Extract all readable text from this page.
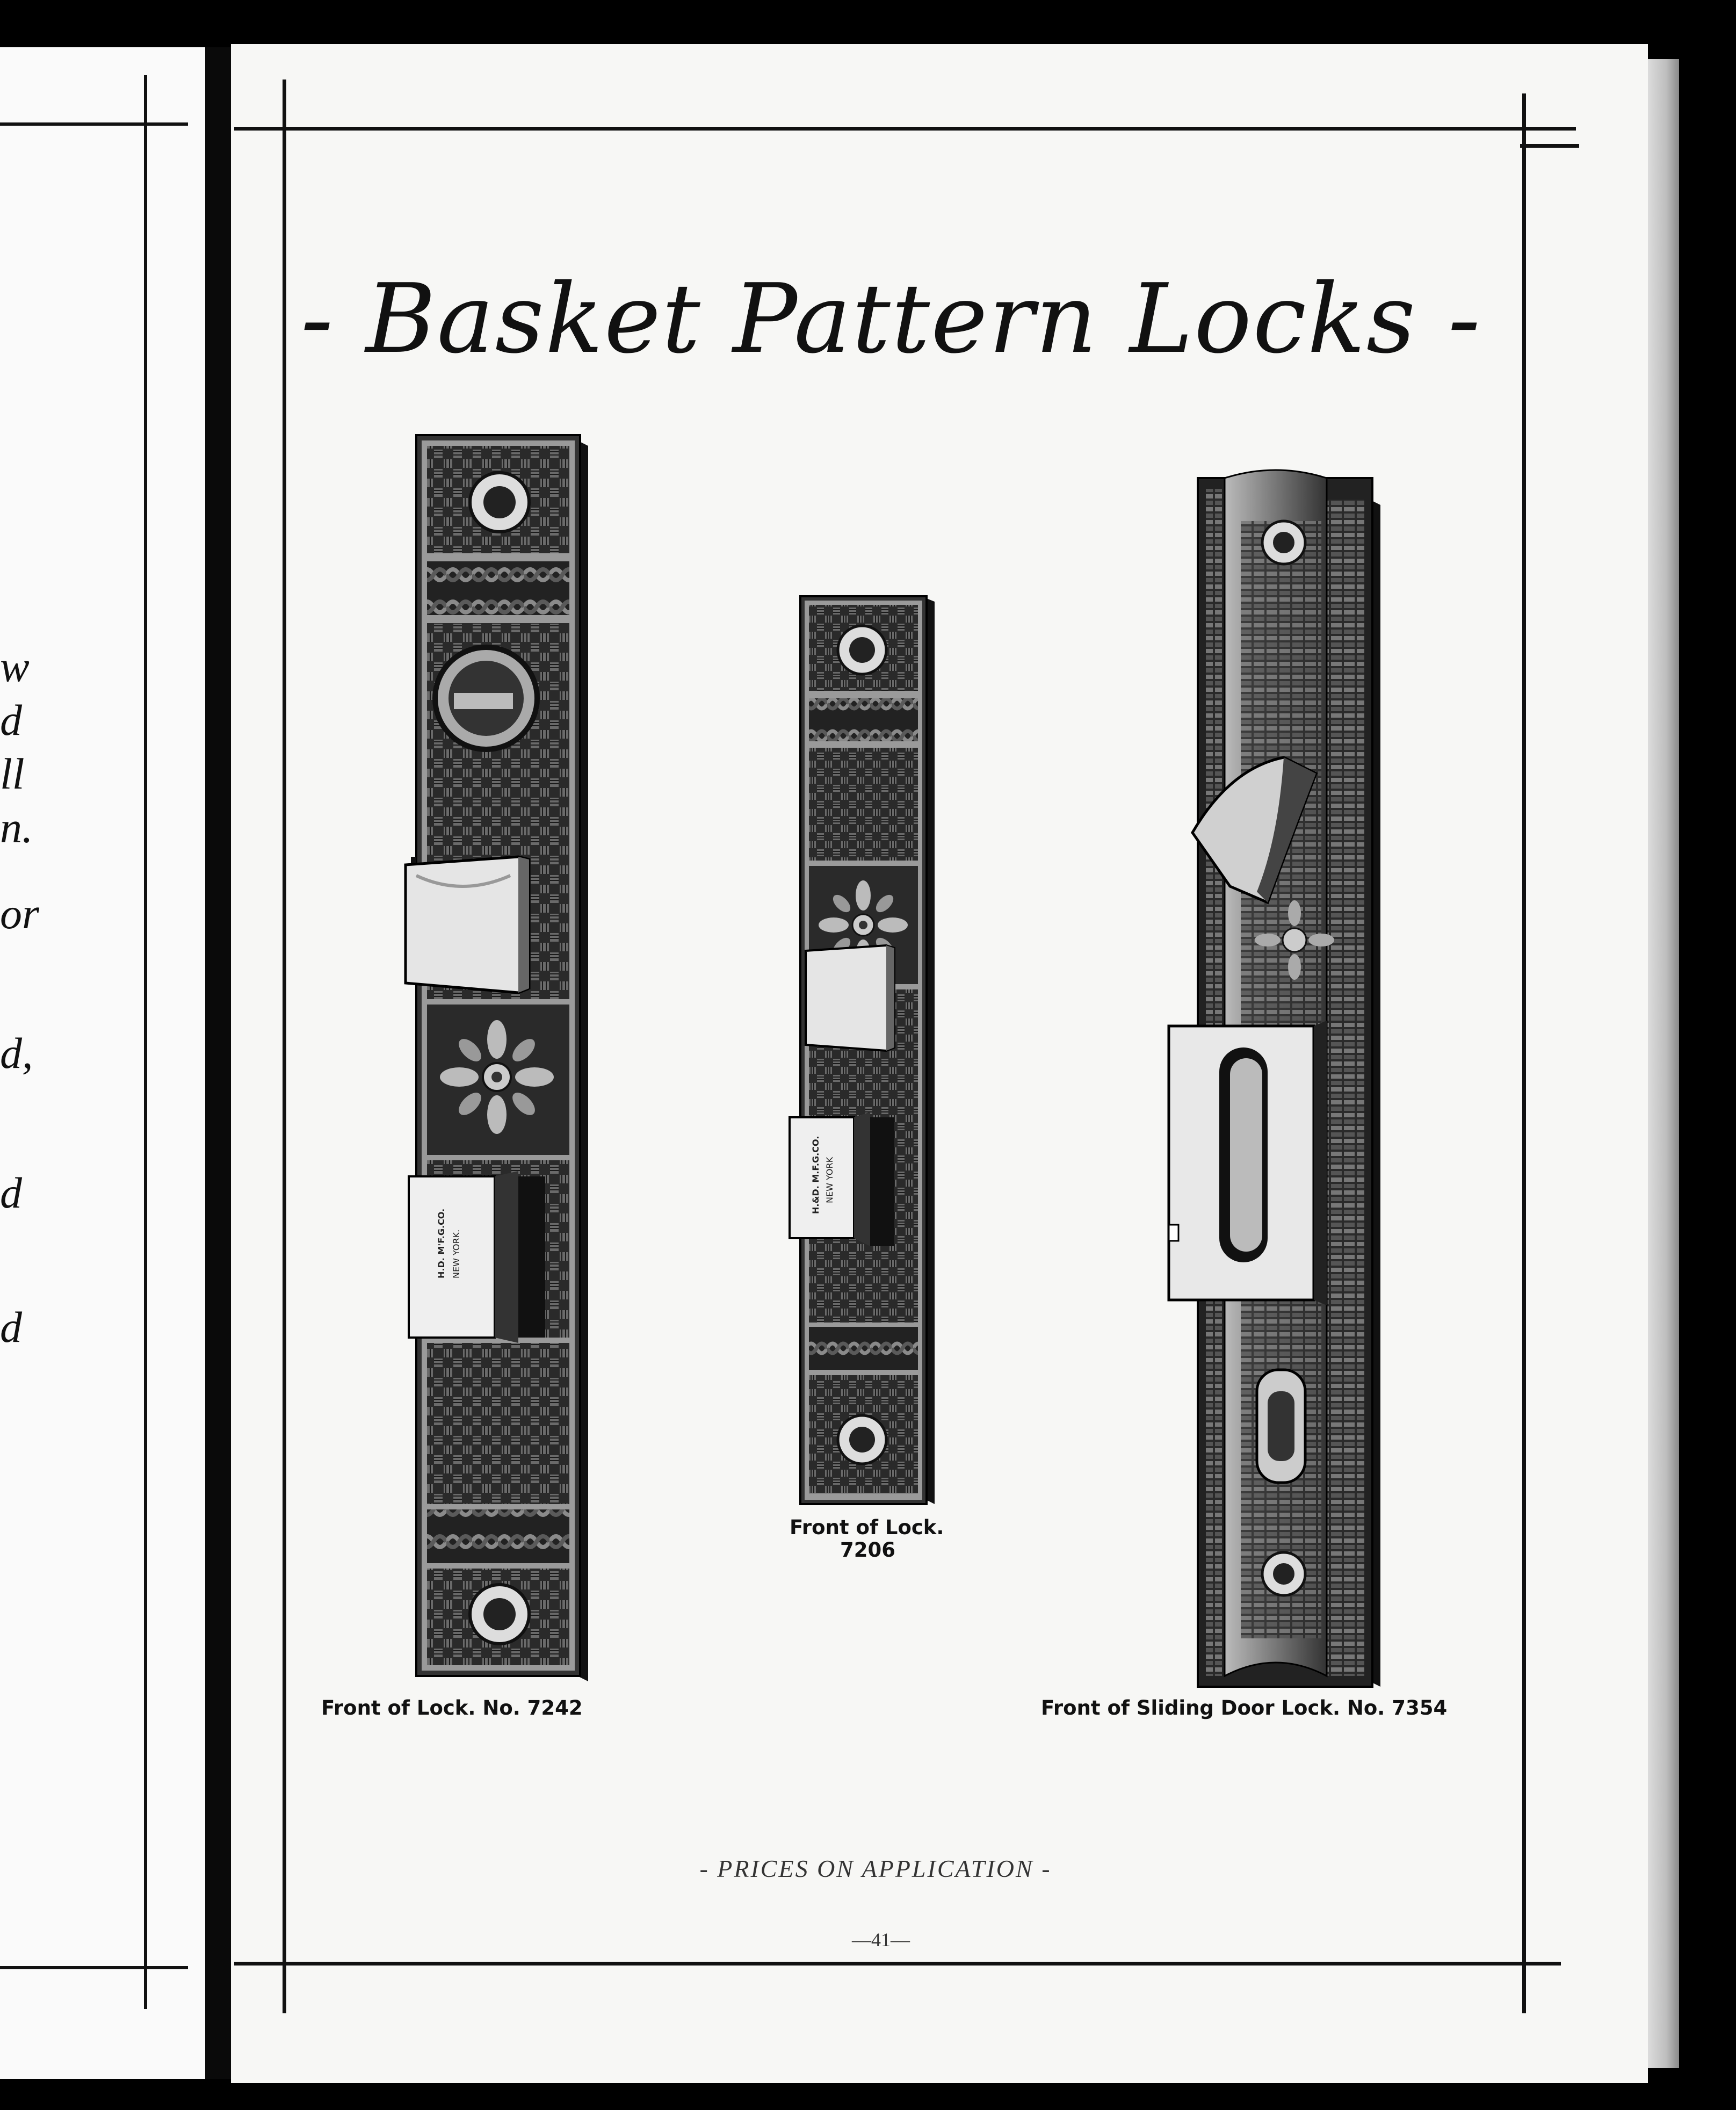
w
d
ll
n.
or
d,
d
d
- Basket Pattern Locks -
H.D. M'F.G.CO. NEW YORK.
Front of Lock. No. 7242
H.&D. M.F.G.CO. NEW YORK
Front of Lock.
7206
Front of Sliding Door Lock. No. 7354
- PRICES ON APPLICATION -
—41—
